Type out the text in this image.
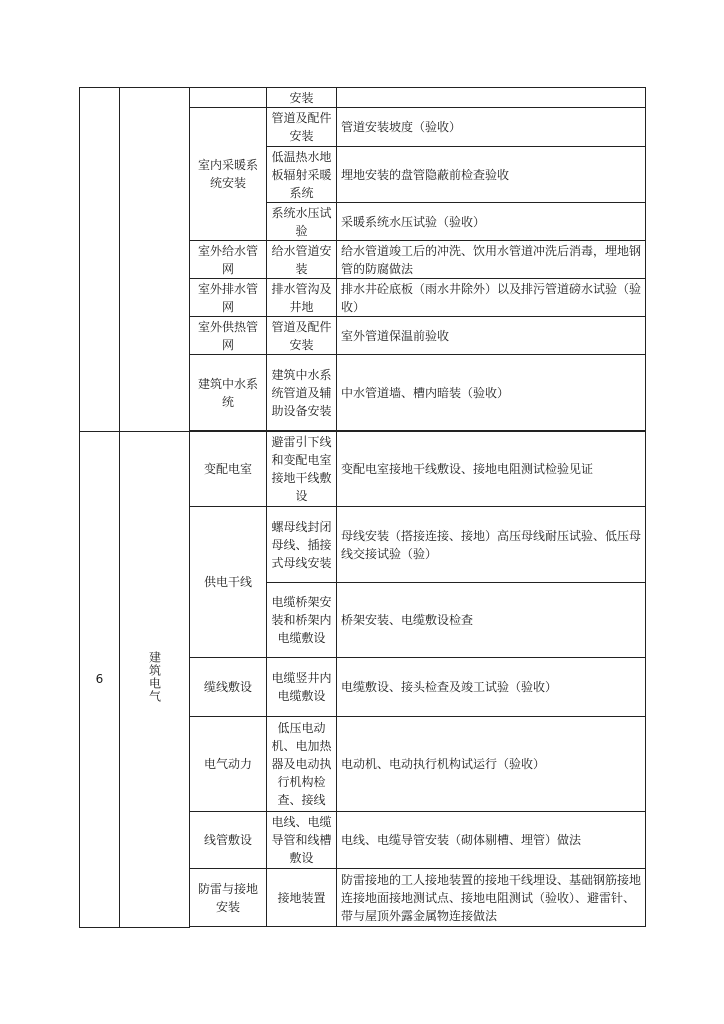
			安装	
		室内采暖系统安装	管道及配件安装	管道安装坡度（验收）
			低温热水地板辐射采暖系统	埋地安装的盘管隐蔽前检查验收
			系统水压试验	采暖系统水压试验（验收）
		室外给水管网	给水管道安装	给水管道竣工后的冲洗、饮用水管道冲洗后消毒，埋地钢管的防腐做法
		室外排水管网	排水管沟及井地	排水井砼底板（雨水井除外）以及排污管道磅水试验（验收）
		室外供热管网	管道及配件安装	室外管道保温前验收
		建筑中水系统	建筑中水系统管道及辅助设备安装	中水管道墙、槽内暗装（验收）

6	建筑电气	变配电室	避雷引下线和变配电室接地干线敷设	变配电室接地干线敷设、接地电阻测试检验见证
		供电干线	螺母线封闭母线、插接式母线安装	母线安装（搭接连接、接地）高压母线耐压试验、低压母线交接试验（验）
			电缆桥架安装和桥架内电缆敷设	桥架安装、电缆敷设检查
		缆线敷设	电缆竖井内电缆敷设	电缆敷设、接头检查及竣工试验（验收）
		电气动力	低压电动机、电加热器及电动执行机构检查、接线	电动机、电动执行机构试运行（验收）
		线管敷设	电线、电缆导管和线槽敷设	电线、电缆导管安装（砌体剔槽、埋管）做法
		防雷与接地安装	接地装置	防雷接地的工人接地装置的接地干线埋设、基础钢筋接地连接地面接地测试点、接地电阻测试（验收）、避雷针、带与屋顶外露金属物连接做法
